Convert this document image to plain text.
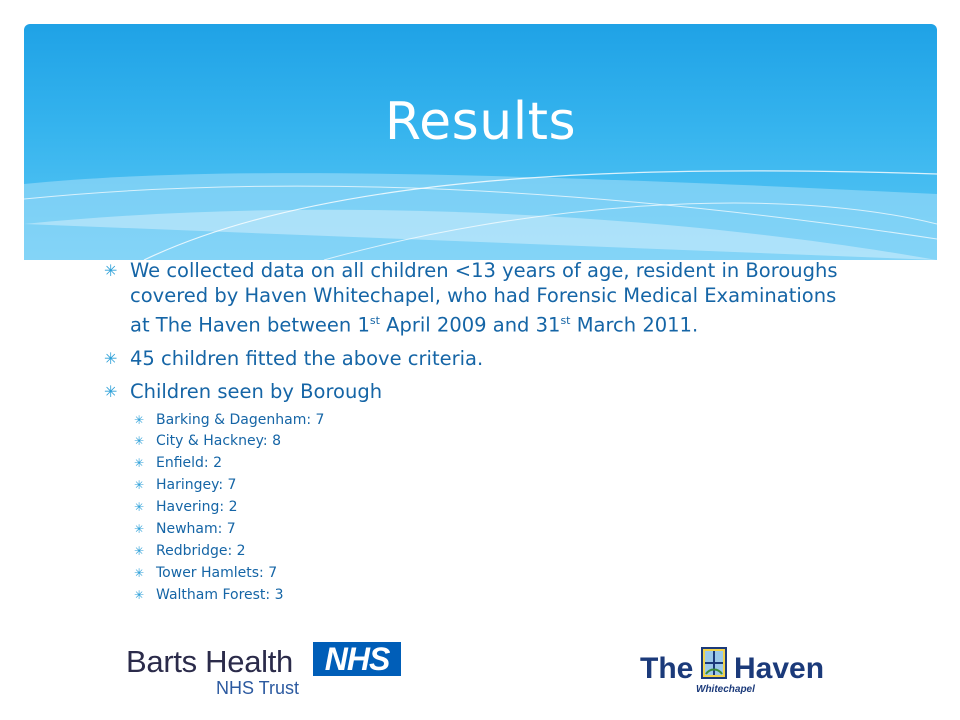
Results
✳ We collected data on all children <13 years of age, resident in Boroughs covered by Haven Whitechapel, who had Forensic Medical Examinations at The Haven between 1st April 2009 and 31st March 2011.
✳ 45 children fitted the above criteria.
✳ Children seen by Borough
✳ Barking & Dagenham: 7
✳ City & Hackney: 8
✳ Enfield: 2
✳ Haringey: 7
✳ Havering: 2
✳ Newham: 7
✳ Redbridge: 2
✳ Tower Hamlets: 7
✳ Waltham Forest: 3
Barts Health NHS
NHS Trust
The Haven
Whitechapel
